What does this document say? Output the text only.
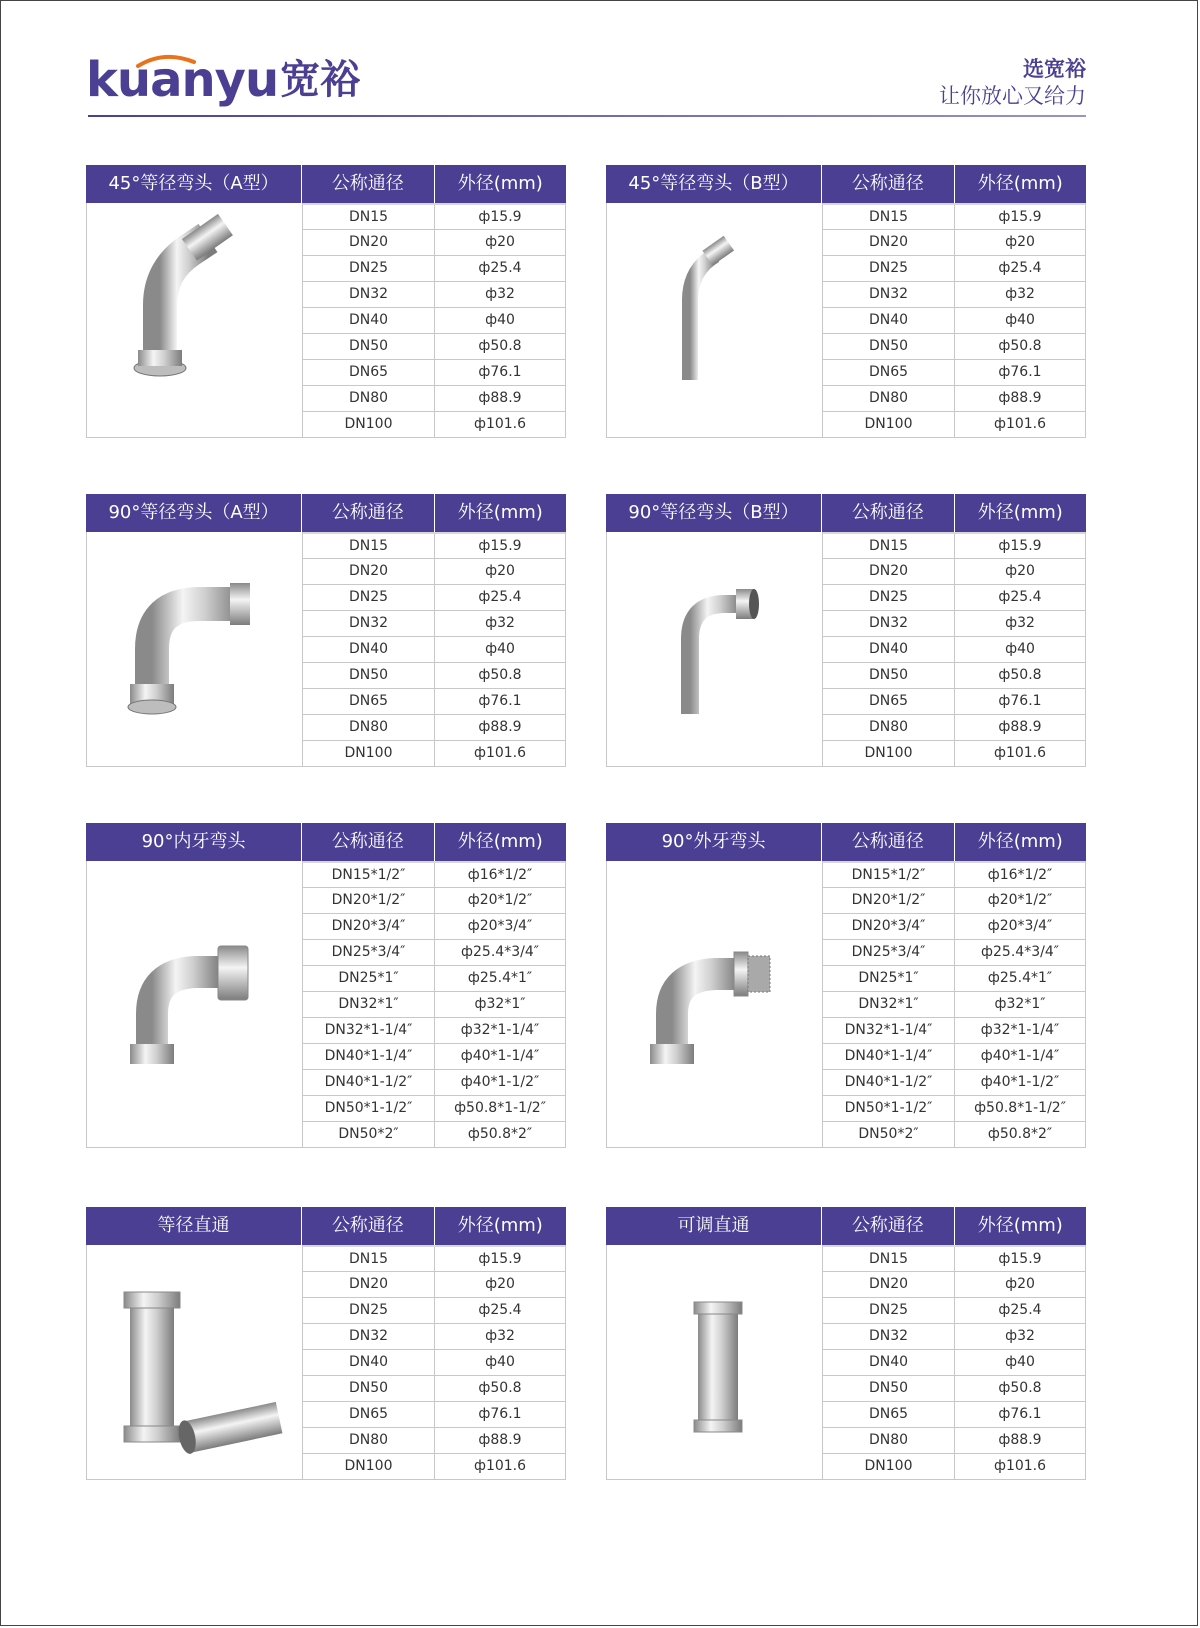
kuanyu宽裕	选宽裕
让你放心又给力
45°等径弯头（A型）	公称通径	外径(mm)
DN15	ф15.9
DN20	ф20
DN25	ф25.4
DN32	ф32
DN40	ф40
DN50	ф50.8
DN65	ф76.1
DN80	ф88.9
DN100	ф101.6
45°等径弯头（B型）	公称通径	外径(mm)
DN15	ф15.9
DN20	ф20
DN25	ф25.4
DN32	ф32
DN40	ф40
DN50	ф50.8
DN65	ф76.1
DN80	ф88.9
DN100	ф101.6
90°等径弯头（A型）	公称通径	外径(mm)
DN15	ф15.9
DN20	ф20
DN25	ф25.4
DN32	ф32
DN40	ф40
DN50	ф50.8
DN65	ф76.1
DN80	ф88.9
DN100	ф101.6
90°等径弯头（B型）	公称通径	外径(mm)
DN15	ф15.9
DN20	ф20
DN25	ф25.4
DN32	ф32
DN40	ф40
DN50	ф50.8
DN65	ф76.1
DN80	ф88.9
DN100	ф101.6
90°内牙弯头	公称通径	外径(mm)
DN15*1/2″	ф16*1/2″
DN20*1/2″	ф20*1/2″
DN20*3/4″	ф20*3/4″
DN25*3/4″	ф25.4*3/4″
DN25*1″	ф25.4*1″
DN32*1″	ф32*1″
DN32*1-1/4″	ф32*1-1/4″
DN40*1-1/4″	ф40*1-1/4″
DN40*1-1/2″	ф40*1-1/2″
DN50*1-1/2″	ф50.8*1-1/2″
DN50*2″	ф50.8*2″
90°外牙弯头	公称通径	外径(mm)
DN15*1/2″	ф16*1/2″
DN20*1/2″	ф20*1/2″
DN20*3/4″	ф20*3/4″
DN25*3/4″	ф25.4*3/4″
DN25*1″	ф25.4*1″
DN32*1″	ф32*1″
DN32*1-1/4″	ф32*1-1/4″
DN40*1-1/4″	ф40*1-1/4″
DN40*1-1/2″	ф40*1-1/2″
DN50*1-1/2″	ф50.8*1-1/2″
DN50*2″	ф50.8*2″
等径直通	公称通径	外径(mm)
DN15	ф15.9
DN20	ф20
DN25	ф25.4
DN32	ф32
DN40	ф40
DN50	ф50.8
DN65	ф76.1
DN80	ф88.9
DN100	ф101.6
可调直通	公称通径	外径(mm)
DN15	ф15.9
DN20	ф20
DN25	ф25.4
DN32	ф32
DN40	ф40
DN50	ф50.8
DN65	ф76.1
DN80	ф88.9
DN100	ф101.6
